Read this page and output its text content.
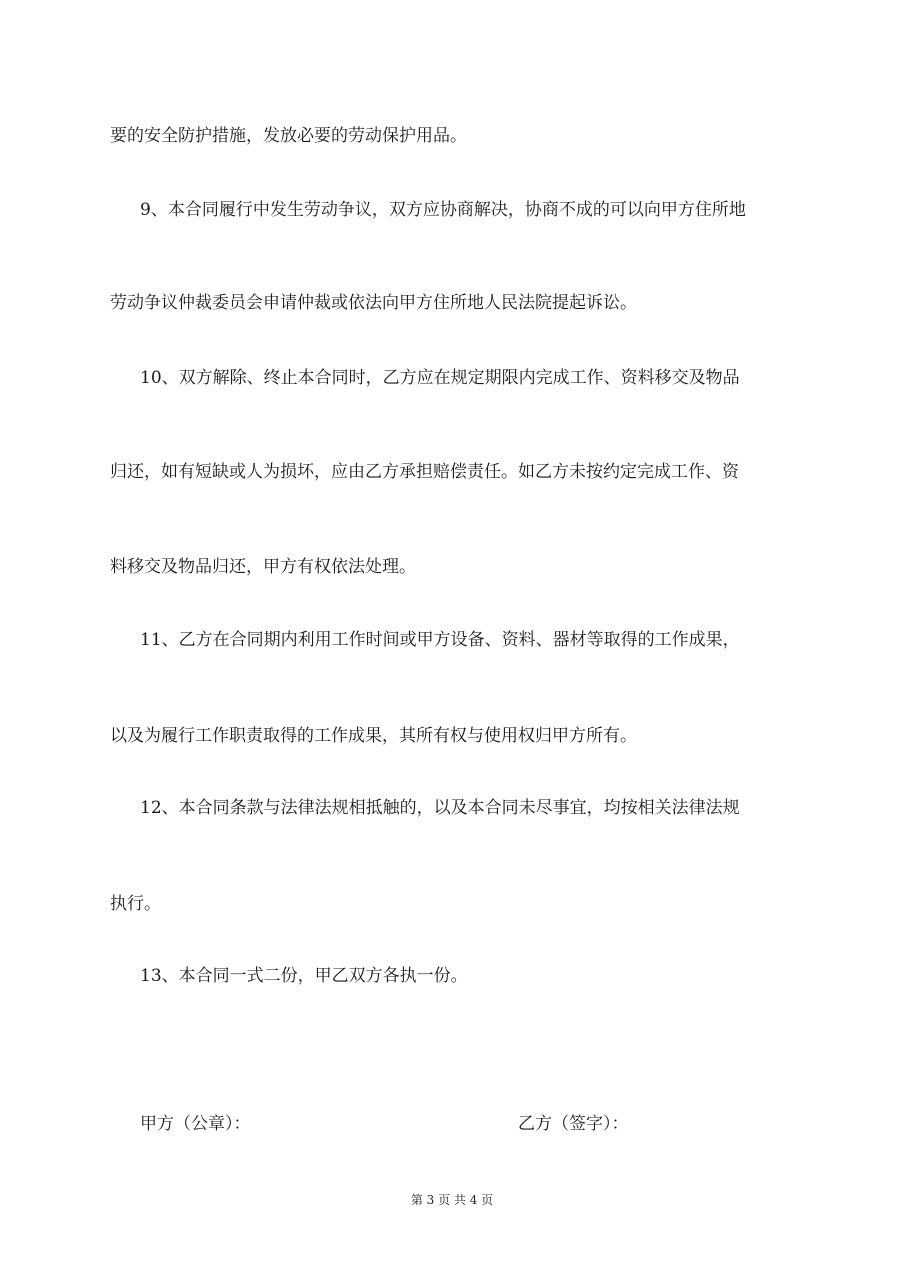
要的安全防护措施，发放必要的劳动保护用品。
9、本合同履行中发生劳动争议，双方应协商解决，协商不成的可以向甲方住所地
劳动争议仲裁委员会申请仲裁或依法向甲方住所地人民法院提起诉讼。
10、双方解除、终止本合同时，乙方应在规定期限内完成工作、资料移交及物品
归还，如有短缺或人为损坏，应由乙方承担赔偿责任。如乙方未按约定完成工作、资
料移交及物品归还，甲方有权依法处理。
11、乙方在合同期内利用工作时间或甲方设备、资料、器材等取得的工作成果，
以及为履行工作职责取得的工作成果，其所有权与使用权归甲方所有。
12、本合同条款与法律法规相抵触的，以及本合同未尽事宜，均按相关法律法规
执行。
13、本合同一式二份，甲乙双方各执一份。
甲方（公章）：	乙方（签字）：
第 3 页 共 4 页
